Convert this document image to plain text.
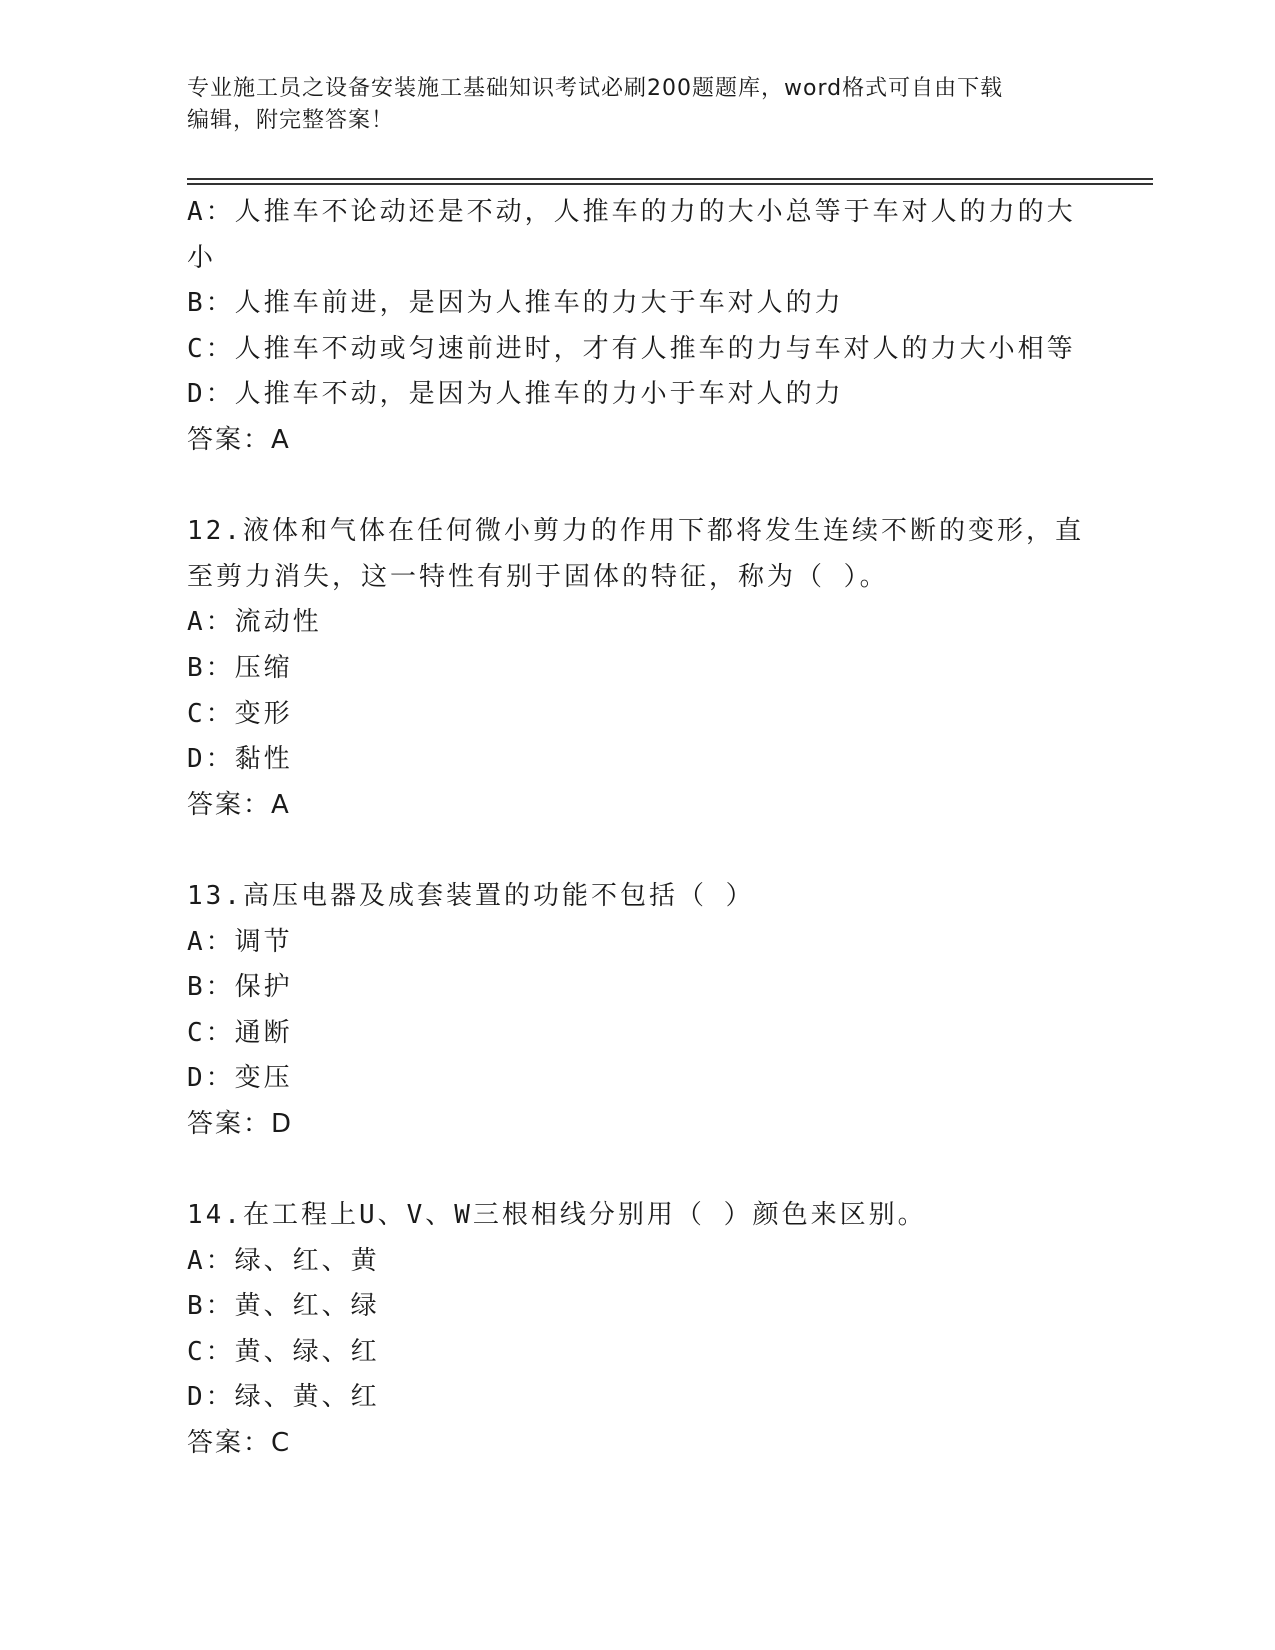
专业施工员之设备安装施工基础知识考试必刷200题题库，word格式可自由下载
编辑，附完整答案！
A：人推车不论动还是不动，人推车的力的大小总等于车对人的力的大
小
B：人推车前进，是因为人推车的力大于车对人的力
C：人推车不动或匀速前进时，才有人推车的力与车对人的力大小相等
D：人推车不动，是因为人推车的力小于车对人的力
答案：A
12.液体和气体在任何微小剪力的作用下都将发生连续不断的变形，直
至剪力消失，这一特性有别于固体的特征，称为（ ）。
A：流动性
B：压缩
C：变形
D：黏性
答案：A
13.高压电器及成套装置的功能不包括（ ）
A：调节
B：保护
C：通断
D：变压
答案：D
14.在工程上U、V、W三根相线分别用（ ）颜色来区别。
A：绿、红、黄
B：黄、红、绿
C：黄、绿、红
D：绿、黄、红
答案：C
